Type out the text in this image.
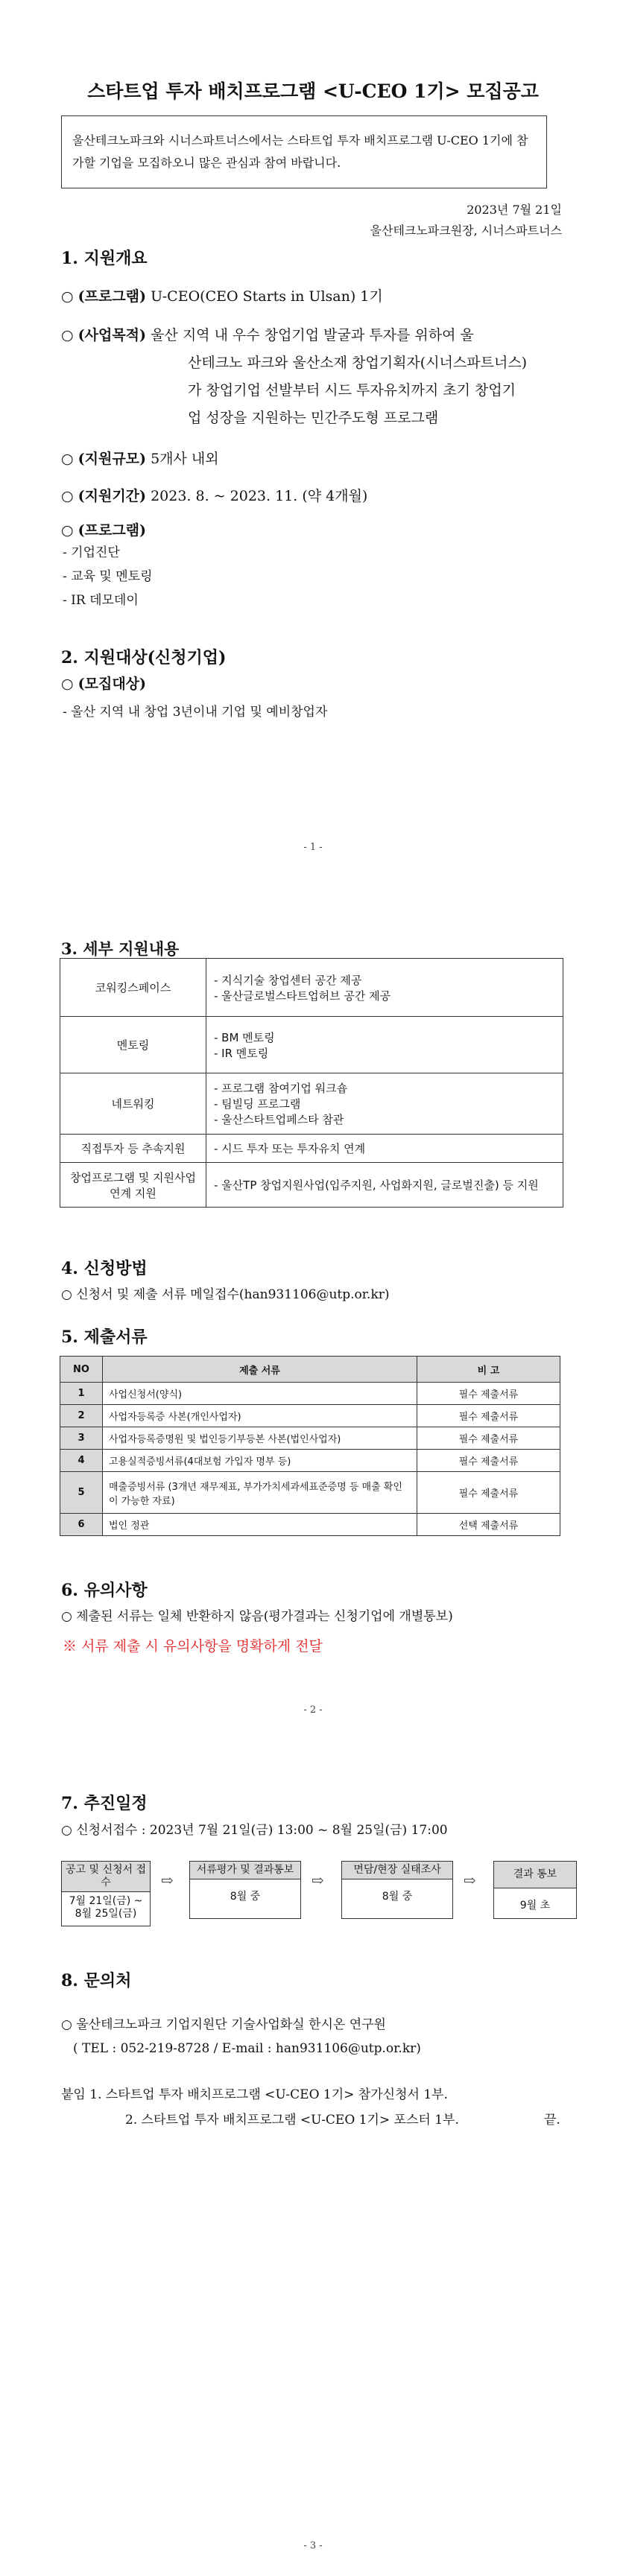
스타트업 투자 배치프로그램 <U-CEO 1기> 모집공고
울산테크노파크와 시너스파트너스에서는 스타트업 투자 배치프로그램 U-CEO 1기에 참가할 기업을 모집하오니 많은 관심과 참여 바랍니다.
2023년 7월 21일
울산테크노파크원장, 시너스파트너스
1. 지원개요
○ (프로그램) U-CEO(CEO Starts in Ulsan) 1기
○ (사업목적) 울산 지역 내 우수 창업기업 발굴과 투자를 위하여 울
산테크노 파크와 울산소재 창업기획자(시너스파트너스)
가 창업기업 선발부터 시드 투자유치까지 초기 창업기
업 성장을 지원하는 민간주도형 프로그램
○ (지원규모) 5개사 내외
○ (지원기간) 2023. 8. ~ 2023. 11. (약 4개월)
○ (프로그램)
- 기업진단
- 교육 및 멘토링
- IR 데모데이
2. 지원대상(신청기업)
○ (모집대상)
- 울산 지역 내 창업 3년이내 기업 및 예비창업자
- 1 -
3. 세부 지원내용
코워킹스페이스	- 지식기술 창업센터 공간 제공
- 울산글로벌스타트업허브 공간 제공

멘토링	- BM 멘토링
- IR 멘토링

네트워킹	- 프로그램 참여기업 워크숍
- 팀빌딩 프로그램
- 울산스타트업페스타 참관

직접투자 등 추속지원	- 시드 투자 또는 투자유치 연계

창업프로그램 및 지원사업 연계 지원	- 울산TP 창업지원사업(입주지원, 사업화지원, 글로벌진출) 등 지원
4. 신청방법
○ 신청서 및 제출 서류 메일접수(han931106@utp.or.kr)
5. 제출서류
NO	제출 서류	비 고
1	사업신청서(양식)	필수 제출서류
2	사업자등록증 사본(개인사업자)	필수 제출서류
3	사업자등록증명원 및 법인등기부등본 사본(법인사업자)	필수 제출서류
4	고용실적증빙서류(4대보험 가입자 명부 등)	필수 제출서류
5	매출증빙서류 (3개년 재무제표, 부가가치세과세표준증명 등 매출 확인이 가능한 자료)	필수 제출서류
6	법인 정관	선택 제출서류
6. 유의사항
○ 제출된 서류는 일체 반환하지 않음(평가결과는 신청기업에 개별통보)
※ 서류 제출 시 유의사항을 명확하게 전달
- 2 -
7. 추진일정
○ 신청서접수 : 2023년 7월 21일(금) 13:00 ~ 8월 25일(금) 17:00
공고 및 신청서 접수
7월 21일(금) ~ 8월 25일(금)
⇨
서류평가 및 결과통보
8월 중
⇨
면담/현장 실태조사
8월 중
⇨	결과 통보
9월 초
8. 문의처
○ 울산테크노파크 기업지원단 기술사업화실 한시온 연구원
( TEL : 052-219-8728 / E-mail : han931106@utp.or.kr)
붙임 1. 스타트업 투자 배치프로그램 <U-CEO 1기> 참가신청서 1부.
2. 스타트업 투자 배치프로그램 <U-CEO 1기> 포스터 1부.	끝.
- 3 -
